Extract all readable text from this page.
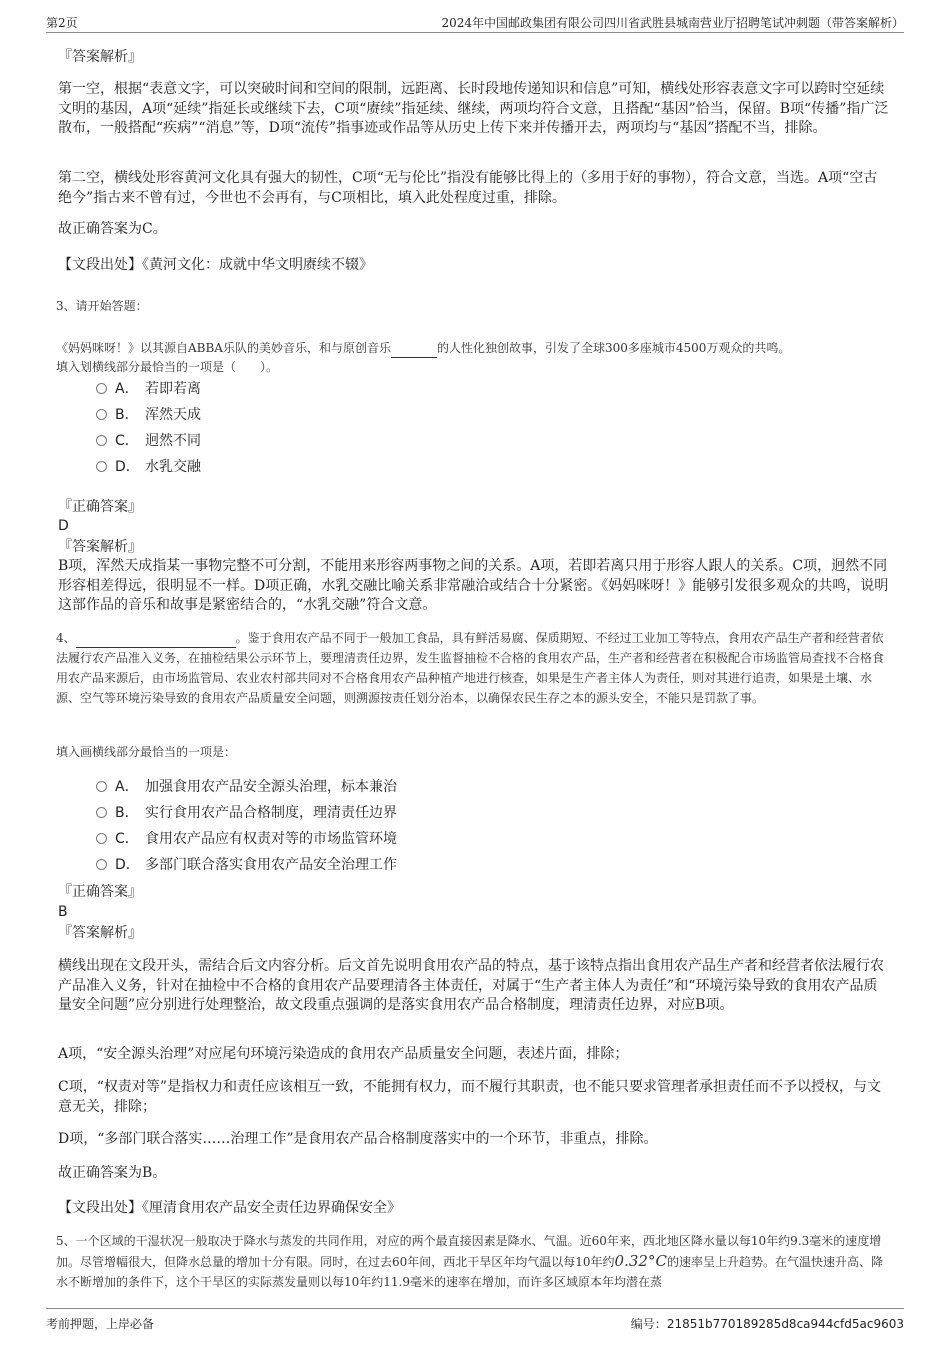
第2页	2024年中国邮政集团有限公司四川省武胜县城南营业厅招聘笔试冲刺题（带答案解析）
『答案解析』
第一空，根据“表意文字，可以突破时间和空间的限制，远距离、长时段地传递知识和信息”可知，横线处形容表意文字可以跨时空延续文明的基因，A项“延续”指延长或继续下去，C项“赓续”指延续、继续，两项均符合文意，且搭配“基因”恰当，保留。B项“传播”指广泛散布，一般搭配“疾病”“消息”等，D项“流传”指事迹或作品等从历史上传下来并传播开去，两项均与“基因”搭配不当，排除。
第二空，横线处形容黄河文化具有强大的韧性，C项“无与伦比”指没有能够比得上的（多用于好的事物），符合文意，当选。A项“空古绝今”指古来不曾有过，今世也不会再有，与C项相比，填入此处程度过重，排除。
故正确答案为C。
【文段出处】《黄河文化：成就中华文明赓续不辍》
3、请开始答题：
《妈妈咪呀！》以其源自ABBA乐队的美妙音乐，和与原创音乐	的人性化独创故事，引发了全球300多座城市4500万观众的共鸣。
填入划横线部分最恰当的一项是（　　）。
A． 若即若离
B． 浑然天成
C． 迥然不同
D． 水乳交融
『正确答案』
D
『答案解析』
B项，浑然天成指某一事物完整不可分割，不能用来形容两事物之间的关系。A项，若即若离只用于形容人跟人的关系。C项，迥然不同形容相差得远，很明显不一样。D项正确，水乳交融比喻关系非常融洽或结合十分紧密。《妈妈咪呀！》能够引发很多观众的共鸣，说明这部作品的音乐和故事是紧密结合的，“水乳交融”符合文意。
4、	。鉴于食用农产品不同于一般加工食品，具有鲜活易腐、保质期短、不经过工业加工等特点，食用农产品生产者和经营者依法履行农产品准入义务，在抽检结果公示环节上，要理清责任边界，发生监督抽检不合格的食用农产品，生产者和经营者在积极配合市场监管局查找不合格食用农产品来源后，由市场监管局、农业农村部共同对不合格食用农产品种植产地进行核查，如果是生产者主体人为责任，则对其进行追责，如果是土壤、水源、空气等环境污染导致的食用农产品质量安全问题，则溯源按责任划分治本，以确保农民生存之本的源头安全，不能只是罚款了事。
填入画横线部分最恰当的一项是：
A． 加强食用农产品安全源头治理，标本兼治
B． 实行食用农产品合格制度，理清责任边界
C． 食用农产品应有权责对等的市场监管环境
D． 多部门联合落实食用农产品安全治理工作
『正确答案』
B
『答案解析』
横线出现在文段开头，需结合后文内容分析。后文首先说明食用农产品的特点，基于该特点指出食用农产品生产者和经营者依法履行农产品准入义务，针对在抽检中不合格的食用农产品要理清各主体责任，对属于“生产者主体人为责任”和“环境污染导致的食用农产品质量安全问题”应分别进行处理整治，故文段重点强调的是落实食用农产品合格制度，理清责任边界，对应B项。
A项，“安全源头治理”对应尾句环境污染造成的食用农产品质量安全问题，表述片面，排除；
C项，“权责对等”是指权力和责任应该相互一致，不能拥有权力，而不履行其职责，也不能只要求管理者承担责任而不予以授权，与文意无关，排除；
D项，“多部门联合落实……治理工作”是食用农产品合格制度落实中的一个环节，非重点，排除。
故正确答案为B。
【文段出处】《厘清食用农产品安全责任边界确保安全》
5、一个区域的干湿状况一般取决于降水与蒸发的共同作用，对应的两个最直接因素是降水、气温。近60年来，西北地区降水量以每10年约9.3毫米的速度增加。尽管增幅很大，但降水总量的增加十分有限。同时，在过去60年间，西北干旱区年均气温以每10年约0.32°C的速率呈上升趋势。在气温快速升高、降水不断增加的条件下，这个干旱区的实际蒸发量则以每10年约11.9毫米的速率在增加，而许多区域原本年均潜在蒸
考前押题，上岸必备	编号：21851b770189285d8ca944cfd5ac9603
